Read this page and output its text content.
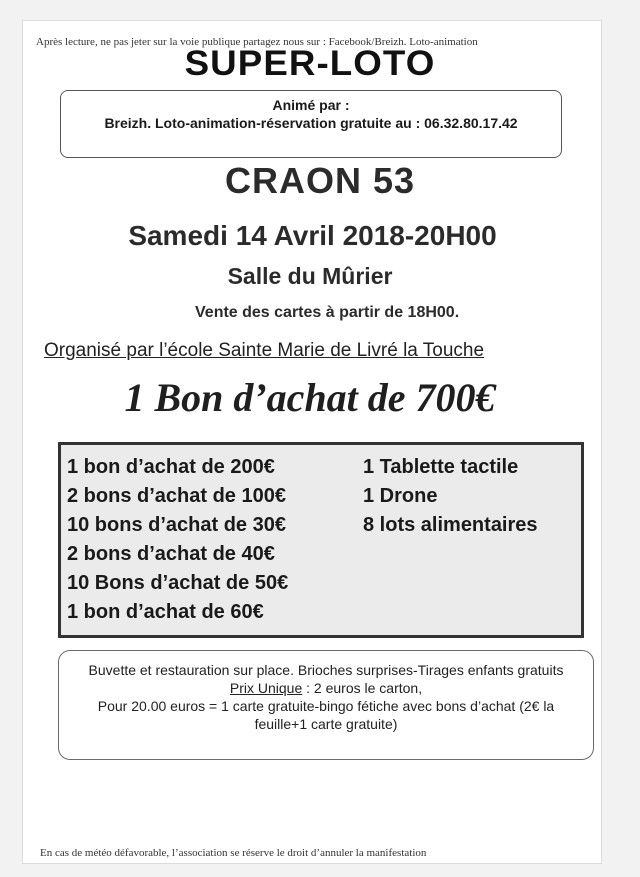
Après lecture, ne pas jeter sur la voie publique partagez nous sur : Facebook/Breizh. Loto-animation
SUPER-LOTO
Animé par :
Breizh. Loto-animation-réservation gratuite au : 06.32.80.17.42
CRAON 53
Samedi 14 Avril 2018-20H00
Salle du Mûrier
Vente des cartes à partir de 18H00.
Organisé par l’école Sainte Marie de Livré la Touche
1 Bon d’achat de 700€
1 bon d’achat de 200€
2 bons d’achat de 100€
10 bons d’achat de 30€
2 bons d’achat de 40€
10 Bons d’achat de 50€
1 bon d’achat de 60€
1 Tablette tactile
1 Drone
8 lots alimentaires
Buvette et restauration sur place. Brioches surprises-Tirages enfants gratuits
Prix Unique : 2 euros le carton,
Pour 20.00 euros = 1 carte gratuite-bingo fétiche avec bons d’achat (2€ la feuille+1 carte gratuite)
En cas de météo défavorable, l’association se réserve le droit d’annuler la manifestation
